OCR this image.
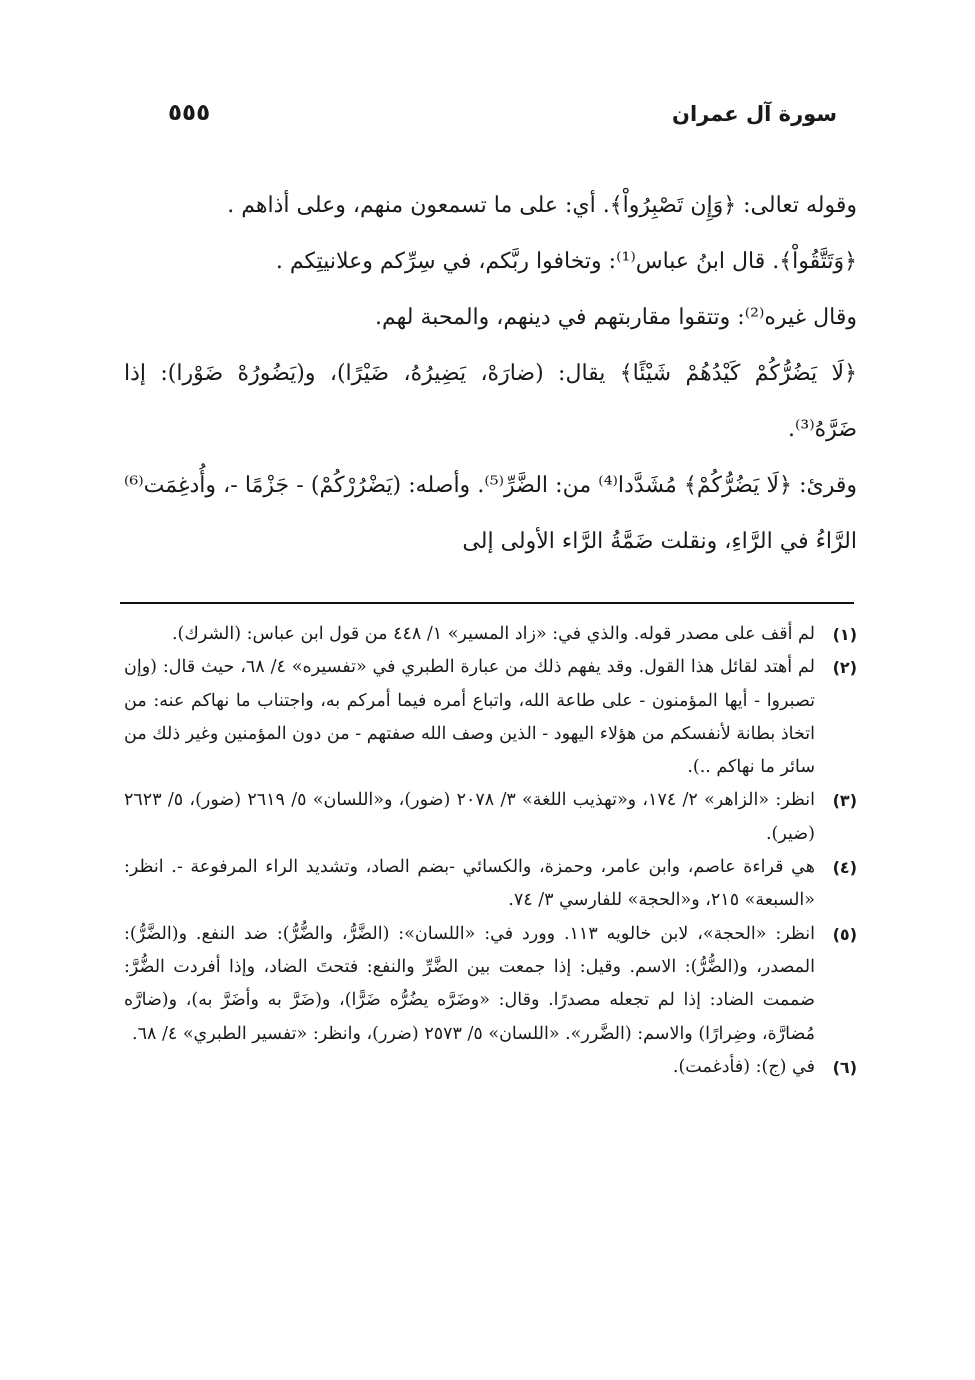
سورة آل عمران
٥٥٥

وقوله تعالى: ﴿وَإِن تَصْبِرُواْ﴾. أي: على ما تسمعون منهم، وعلى أذاهم .

﴿وَتَتَّقُواْ﴾. قال ابنُ عباس⁽¹⁾: وتخافوا ربَّكم، في سِرِّكم وعلانيتِكم .

وقال غيره⁽²⁾: وتتقوا مقاربتهم في دينهم، والمحبة لهم.

﴿لَا يَضُرُّكُمْ كَيْدُهُمْ شَيْئًا﴾ يقال: (ضارَهْ، يَضِيرُهُ، ضَيْرًا)، و(يَضُورُهْ ضَوْرا): إذا ضَرَّهُ⁽³⁾.

وقرئ: ﴿لَا يَضُرُّكُمْ﴾ مُشَدَّدا⁽⁴⁾ من: الضَّرِّ⁽⁵⁾. وأصله: (يَضْرُرْكُمْ) - جَزْمًا -، وأُدغِمَت⁽⁶⁾ الرَّاءُ في الرَّاءِ، ونقلت ضَمَّةُ الرَّاء الأولى إلى

(١)
لم أقف على مصدر قوله. والذي في: «زاد المسير» ١/ ٤٤٨ من قول ابن عباس: (الشرك).
(٢)
لم أهتد لقائل هذا القول. وقد يفهم ذلك من عبارة الطبري في «تفسيره» ٤/ ٦٨، حيث قال: (وإن تصبروا - أيها المؤمنون - على طاعة الله، واتباع أمره فيما أمركم به، واجتناب ما نهاكم عنه: من اتخاذ بطانة لأنفسكم من هؤلاء اليهود - الذين وصف الله صفتهم - من دون المؤمنين وغير ذلك من سائر ما نهاكم ..).
(٣)
انظر: «الزاهر» ٢/ ١٧٤، و«تهذيب اللغة» ٣/ ٢٠٧٨ (ضور)، و«اللسان» ٥/ ٢٦١٩ (ضور)، ٥/ ٢٦٢٣ (ضير).
(٤)
هي قراءة عاصم، وابن عامر، وحمزة، والكسائي -بضم الصاد، وتشديد الراء المرفوعة -. انظر: «السبعة» ٢١٥، و«الحجة» للفارسي ٣/ ٧٤.
(٥)
انظر: «الحجة»، لابن خالويه ١١٣. وورد في: «اللسان»: (الضَّرُّ، والضُّرُّ): ضد النفع. و(الضَّرُّ): المصدر، و(الضُّرُّ): الاسم. وقيل: إذا جمعت بين الضَّرِّ والنفع: فتحتَ الضاد، وإذا أفردت الضُّرَّ: ضممت الضاد: إذا لم تجعله مصدرًا. وقال: «وضَرَّه يضُرُّه ضَرًّا)، و(ضَرَّ به وأضَرَّ به)، و(ضارَّه مُضارَّة، وضِرارًا) والاسم: (الضَّرر». «اللسان» ٥/ ٢٥٧٣ (ضرر)، وانظر: «تفسير الطبري» ٤/ ٦٨.
(٦)
في (ج): (فأدغمت).
